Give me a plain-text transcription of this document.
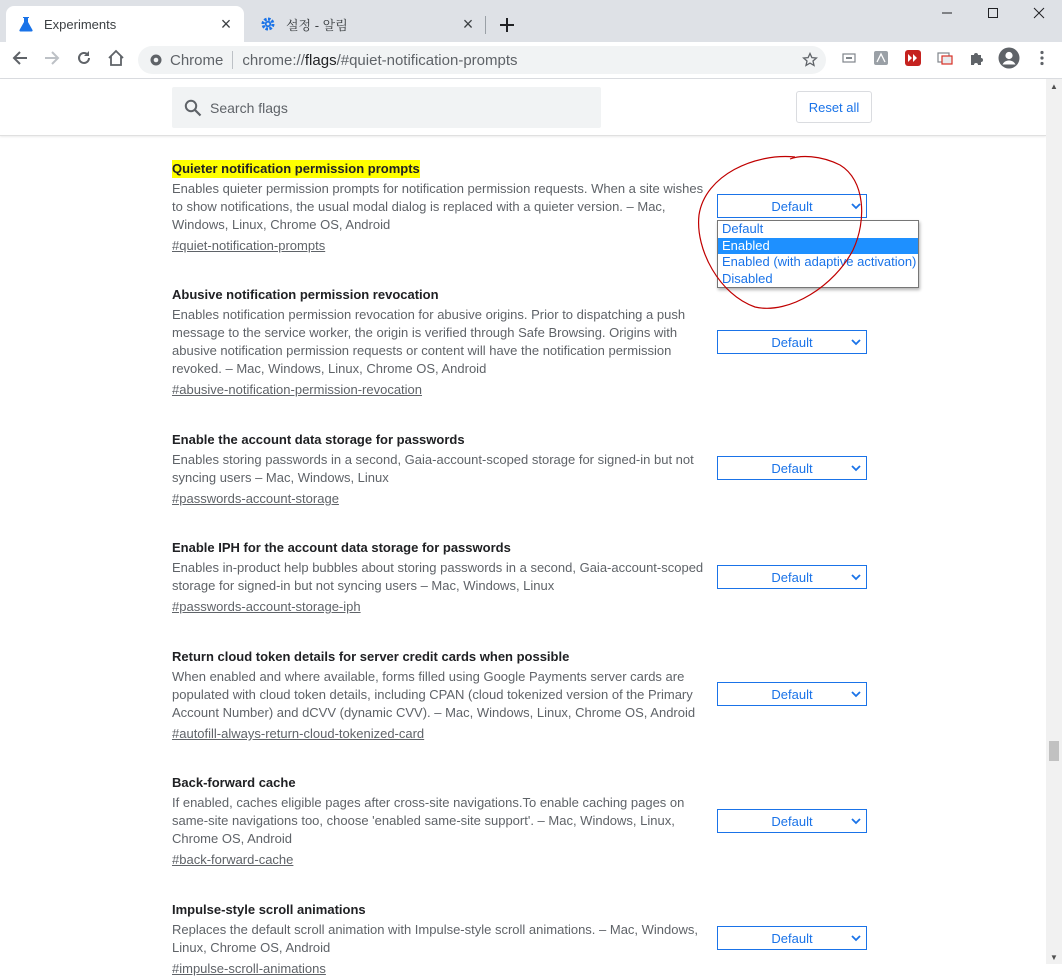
Experiments	×	설정 - 알림	×
Chrome chrome://flags/#quiet-notification-prompts
Search flags	Reset all
Quieter notification permission prompts
Enables quieter permission prompts for notification permission requests. When a site wishes to show notifications, the usual modal dialog is replaced with a quieter version. – Mac, Windows, Linux, Chrome OS, Android
#quiet-notification-prompts
Default
Abusive notification permission revocation
Enables notification permission revocation for abusive origins. Prior to dispatching a push message to the service worker, the origin is verified through Safe Browsing. Origins with abusive notification permission requests or content will have the notification permission revoked. – Mac, Windows, Linux, Chrome OS, Android
#abusive-notification-permission-revocation
Default
Enable the account data storage for passwords
Enables storing passwords in a second, Gaia-account-scoped storage for signed-in but not syncing users – Mac, Windows, Linux
#passwords-account-storage
Default
Enable IPH for the account data storage for passwords
Enables in-product help bubbles about storing passwords in a second, Gaia-account-scoped storage for signed-in but not syncing users – Mac, Windows, Linux
#passwords-account-storage-iph
Default
Return cloud token details for server credit cards when possible
When enabled and where available, forms filled using Google Payments server cards are populated with cloud token details, including CPAN (cloud tokenized version of the Primary Account Number) and dCVV (dynamic CVV). – Mac, Windows, Linux, Chrome OS, Android
#autofill-always-return-cloud-tokenized-card
Default
Back-forward cache
If enabled, caches eligible pages after cross-site navigations.To enable caching pages on same-site navigations too, choose 'enabled same-site support'. – Mac, Windows, Linux, Chrome OS, Android
#back-forward-cache
Default
Impulse-style scroll animations
Replaces the default scroll animation with Impulse-style scroll animations. – Mac, Windows, Linux, Chrome OS, Android
#impulse-scroll-animations
Default
Default
Enabled
Enabled (with adaptive activation)
Disabled
▲
▼
